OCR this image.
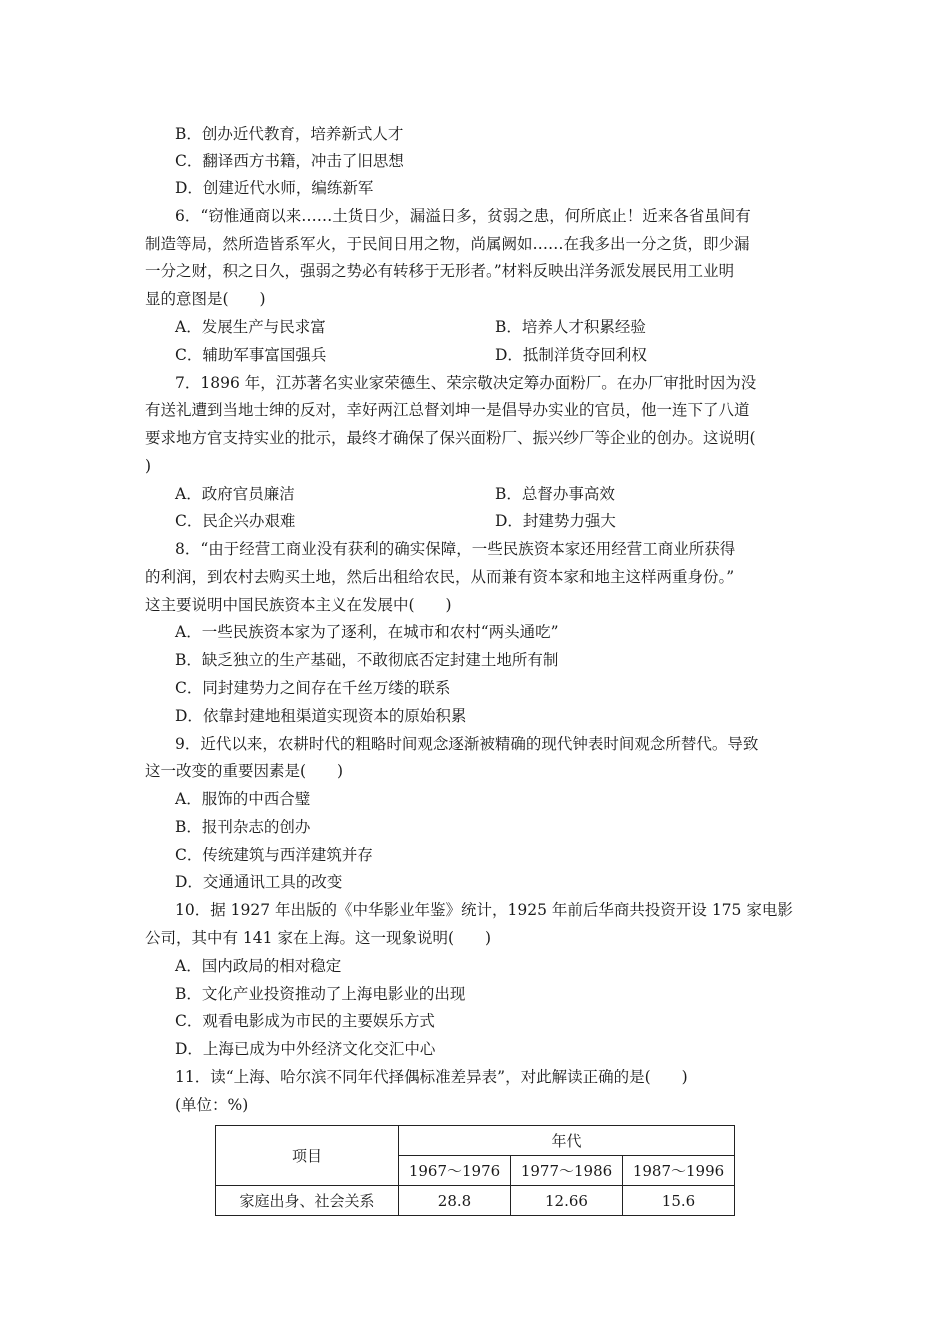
B．创办近代教育，培养新式人才
C．翻译西方书籍，冲击了旧思想
D．创建近代水师，编练新军
6．“窃惟通商以来……土货日少，漏溢日多，贫弱之患，何所底止！近来各省虽间有
制造等局，然所造皆系军火，于民间日用之物，尚属阙如……在我多出一分之货，即少漏
一分之财，积之日久，强弱之势必有转移于无形者。”材料反映出洋务派发展民用工业明
显的意图是(　　)
A．发展生产与民求富	B．培养人才积累经验
C．辅助军事富国强兵	D．抵制洋货夺回利权
7．1896 年，江苏著名实业家荣德生、荣宗敬决定筹办面粉厂。在办厂审批时因为没
有送礼遭到当地士绅的反对，幸好两江总督刘坤一是倡导办实业的官员，他一连下了八道
要求地方官支持实业的批示，最终才确保了保兴面粉厂、振兴纱厂等企业的创办。这说明(
)
A．政府官员廉洁	B．总督办事高效
C．民企兴办艰难	D．封建势力强大
8．“由于经营工商业没有获利的确实保障，一些民族资本家还用经营工商业所获得
的利润，到农村去购买土地，然后出租给农民，从而兼有资本家和地主这样两重身份。”
这主要说明中国民族资本主义在发展中(　　)
A．一些民族资本家为了逐利，在城市和农村“两头通吃”
B．缺乏独立的生产基础，不敢彻底否定封建土地所有制
C．同封建势力之间存在千丝万缕的联系
D．依靠封建地租渠道实现资本的原始积累
9．近代以来，农耕时代的粗略时间观念逐渐被精确的现代钟表时间观念所替代。导致
这一改变的重要因素是(　　)
A．服饰的中西合璧
B．报刊杂志的创办
C．传统建筑与西洋建筑并存
D．交通通讯工具的改变
10．据 1927 年出版的《中华影业年鉴》统计，1925 年前后华商共投资开设 175 家电影
公司，其中有 141 家在上海。这一现象说明(　　)
A．国内政局的相对稳定
B．文化产业投资推动了上海电影业的出现
C．观看电影成为市民的主要娱乐方式
D．上海已成为中外经济文化交汇中心
11．读“上海、哈尔滨不同年代择偶标准差异表”，对此解读正确的是(　　)
(单位：%)
项目	年代		
	1967～1976	1977～1986	1987～1996
家庭出身、社会关系	28.8	12.66	15.6
